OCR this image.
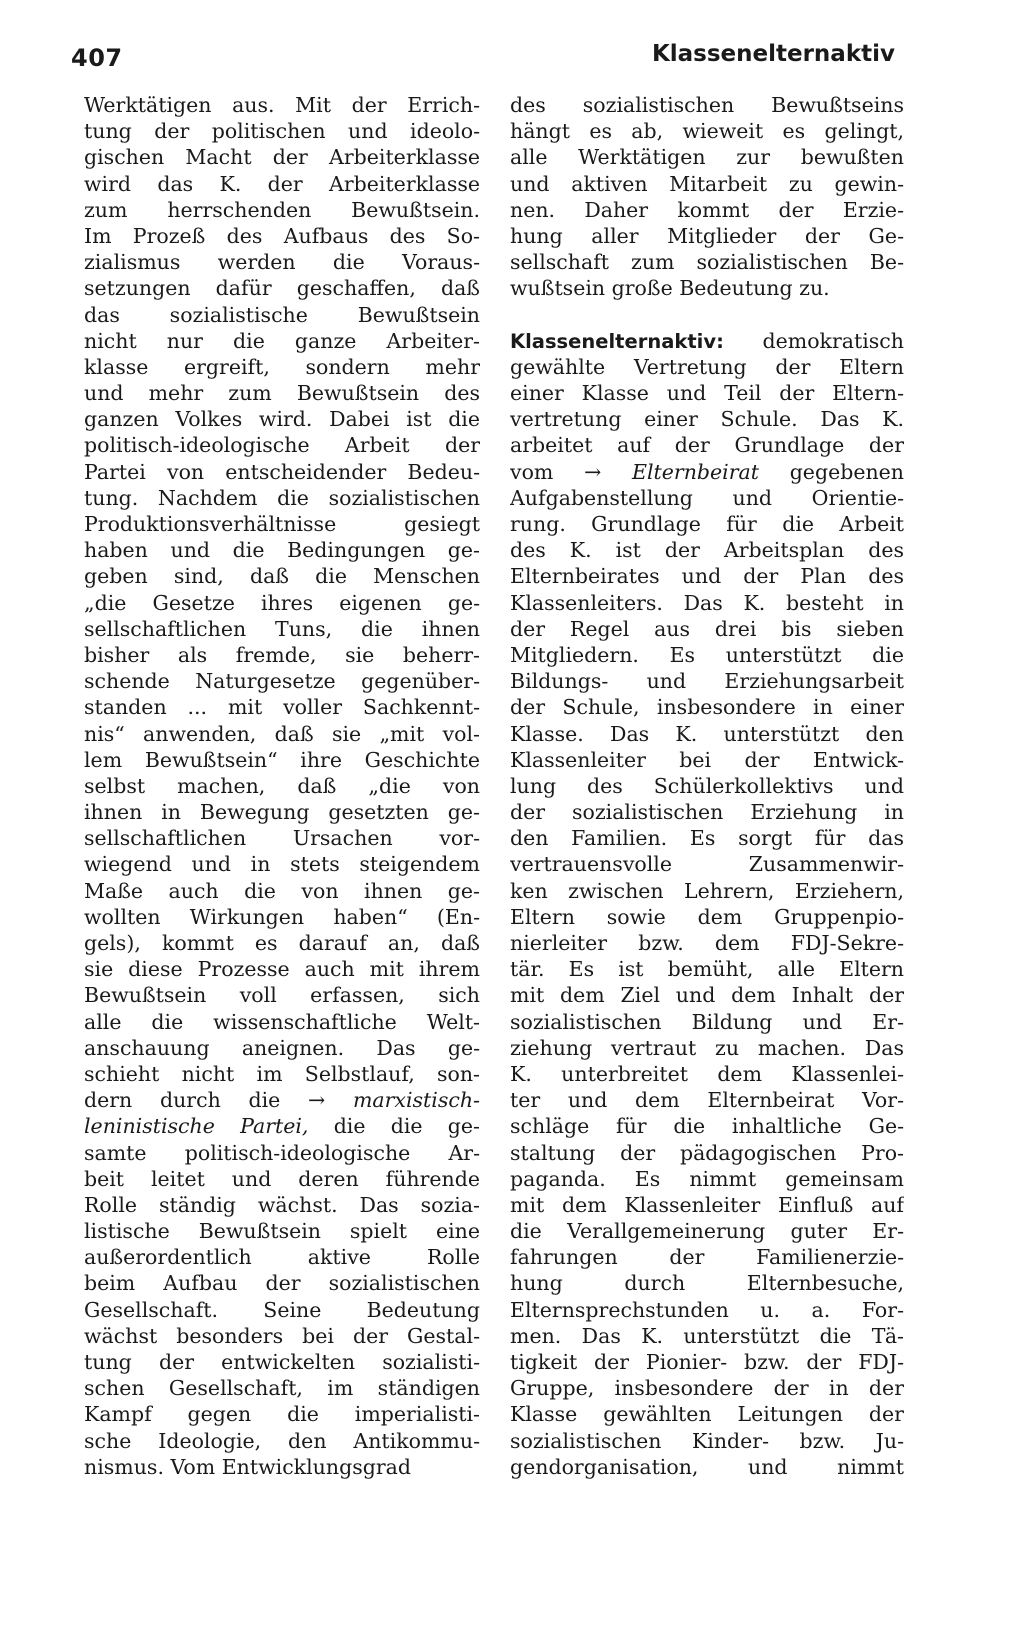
407	Klassenelternaktiv
Werktätigen aus. Mit der Errich-
tung der politischen und ideolo-
gischen Macht der Arbeiterklasse
wird das K. der Arbeiterklasse
zum herrschenden Bewußtsein.
Im Prozeß des Aufbaus des So-
zialismus werden die Voraus-
setzungen dafür geschaffen, daß
das sozialistische Bewußtsein
nicht nur die ganze Arbeiter-
klasse ergreift, sondern mehr
und mehr zum Bewußtsein des
ganzen Volkes wird. Dabei ist die
politisch-ideologische Arbeit der
Partei von entscheidender Bedeu-
tung. Nachdem die sozialistischen
Produktionsverhältnisse gesiegt
haben und die Bedingungen ge-
geben sind, daß die Menschen
„die Gesetze ihres eigenen ge-
sellschaftlichen Tuns, die ihnen
bisher als fremde, sie beherr-
schende Naturgesetze gegenüber-
standen ... mit voller Sachkennt-
nis“ anwenden, daß sie „mit vol-
lem Bewußtsein“ ihre Geschichte
selbst machen, daß „die von
ihnen in Bewegung gesetzten ge-
sellschaftlichen Ursachen vor-
wiegend und in stets steigendem
Maße auch die von ihnen ge-
wollten Wirkungen haben“ (En-
gels), kommt es darauf an, daß
sie diese Prozesse auch mit ihrem
Bewußtsein voll erfassen, sich
alle die wissenschaftliche Welt-
anschauung aneignen. Das ge-
schieht nicht im Selbstlauf, son-
dern durch die → marxistisch-
leninistische Partei, die die ge-
samte politisch-ideologische Ar-
beit leitet und deren führende
Rolle ständig wächst. Das sozia-
listische Bewußtsein spielt eine
außerordentlich aktive Rolle
beim Aufbau der sozialistischen
Gesellschaft. Seine Bedeutung
wächst besonders bei der Gestal-
tung der entwickelten sozialisti-
schen Gesellschaft, im ständigen
Kampf gegen die imperialisti-
sche Ideologie, den Antikommu-
nismus. Vom Entwicklungsgrad
des sozialistischen Bewußtseins
hängt es ab, wieweit es gelingt,
alle Werktätigen zur bewußten
und aktiven Mitarbeit zu gewin-
nen. Daher kommt der Erzie-
hung aller Mitglieder der Ge-
sellschaft zum sozialistischen Be-
wußtsein große Bedeutung zu.
Klassenelternaktiv: demokratisch
gewählte Vertretung der Eltern
einer Klasse und Teil der Eltern-
vertretung einer Schule. Das K.
arbeitet auf der Grundlage der
vom → Elternbeirat gegebenen
Aufgabenstellung und Orientie-
rung. Grundlage für die Arbeit
des K. ist der Arbeitsplan des
Elternbeirates und der Plan des
Klassenleiters. Das K. besteht in
der Regel aus drei bis sieben
Mitgliedern. Es unterstützt die
Bildungs- und Erziehungsarbeit
der Schule, insbesondere in einer
Klasse. Das K. unterstützt den
Klassenleiter bei der Entwick-
lung des Schülerkollektivs und
der sozialistischen Erziehung in
den Familien. Es sorgt für das
vertrauensvolle Zusammenwir-
ken zwischen Lehrern, Erziehern,
Eltern sowie dem Gruppenpio-
nierleiter bzw. dem FDJ-Sekre-
tär. Es ist bemüht, alle Eltern
mit dem Ziel und dem Inhalt der
sozialistischen Bildung und Er-
ziehung vertraut zu machen. Das
K. unterbreitet dem Klassenlei-
ter und dem Elternbeirat Vor-
schläge für die inhaltliche Ge-
staltung der pädagogischen Pro-
paganda. Es nimmt gemeinsam
mit dem Klassenleiter Einfluß auf
die Verallgemeinerung guter Er-
fahrungen der Familienerzie-
hung durch Elternbesuche,
Elternsprechstunden u. a. For-
men. Das K. unterstützt die Tä-
tigkeit der Pionier- bzw. der FDJ-
Gruppe, insbesondere der in der
Klasse gewählten Leitungen der
sozialistischen Kinder- bzw. Ju-
gendorganisation, und nimmt
